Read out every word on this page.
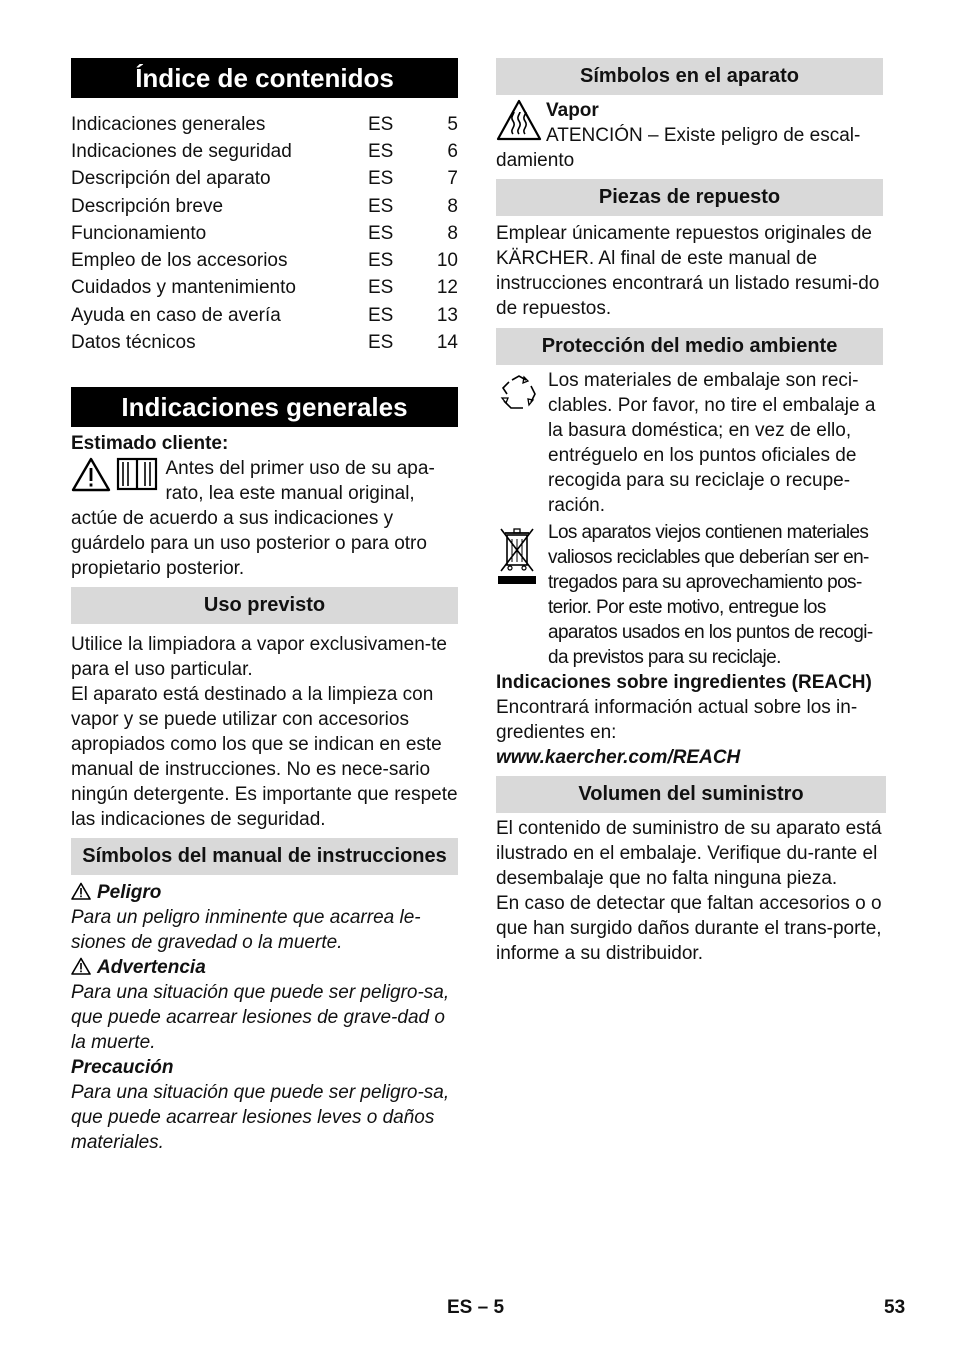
Índice de contenidos
Indicaciones generales	ES	5
Indicaciones de seguridad	ES	6
Descripción del aparato	ES	7
Descripción breve	ES	8
Funcionamiento	ES	8
Empleo de los accesorios	ES	10
Cuidados y mantenimiento	ES	12
Ayuda en caso de avería	ES	13
Datos técnicos	ES	14
Indicaciones generales

Estimado cliente:

Antes del primer uso de su apa-

rato, lea este manual original,

actúe de acuerdo a sus indicaciones y guárdelo para un uso posterior o para otro propietario posterior.

Uso previsto

Utilice la limpiadora a vapor exclusivamen-te para el uso particular.

El aparato está destinado a la limpieza con vapor y se puede utilizar con accesorios apropiados como los que se indican en este manual de instrucciones. No es nece-sario ningún detergente. Es importante que respete las indicaciones de seguridad.

Símbolos del manual de instrucciones

Peligro

Para un peligro inminente que acarrea le-siones de gravedad o la muerte.

Advertencia

Para una situación que puede ser peligro-sa, que puede acarrear lesiones de grave-dad o la muerte.

Precaución

Para una situación que puede ser peligro-sa, que puede acarrear lesiones leves o daños materiales.

Símbolos en el aparato

Vapor

ATENCIÓN – Existe peligro de escal-

damiento

Piezas de repuesto

Emplear únicamente repuestos originales de KÄRCHER. Al final de este manual de instrucciones encontrará un listado resumi-do de repuestos.

Protección del medio ambiente

Los materiales de embalaje son reci-clables. Por favor, no tire el embalaje a la basura doméstica; en vez de ello, entréguelo en los puntos oficiales de recogida para su reciclaje o recupe-ración.

Los aparatos viejos contienen materiales valiosos reciclables que deberían ser en-tregados para su aprovechamiento pos-terior. Por este motivo, entregue los aparatos usados en los puntos de recogi-da previstos para su reciclaje.

Indicaciones sobre ingredientes (REACH)

Encontrará información actual sobre los in-gredientes en:

www.kaercher.com/REACH

Volumen del suministro

El contenido de suministro de su aparato está ilustrado en el embalaje. Verifique du-rante el desembalaje que no falta ninguna pieza.

En caso de detectar que faltan accesorios o o que han surgido daños durante el trans-porte, informe a su distribuidor.

ES – 5	53
